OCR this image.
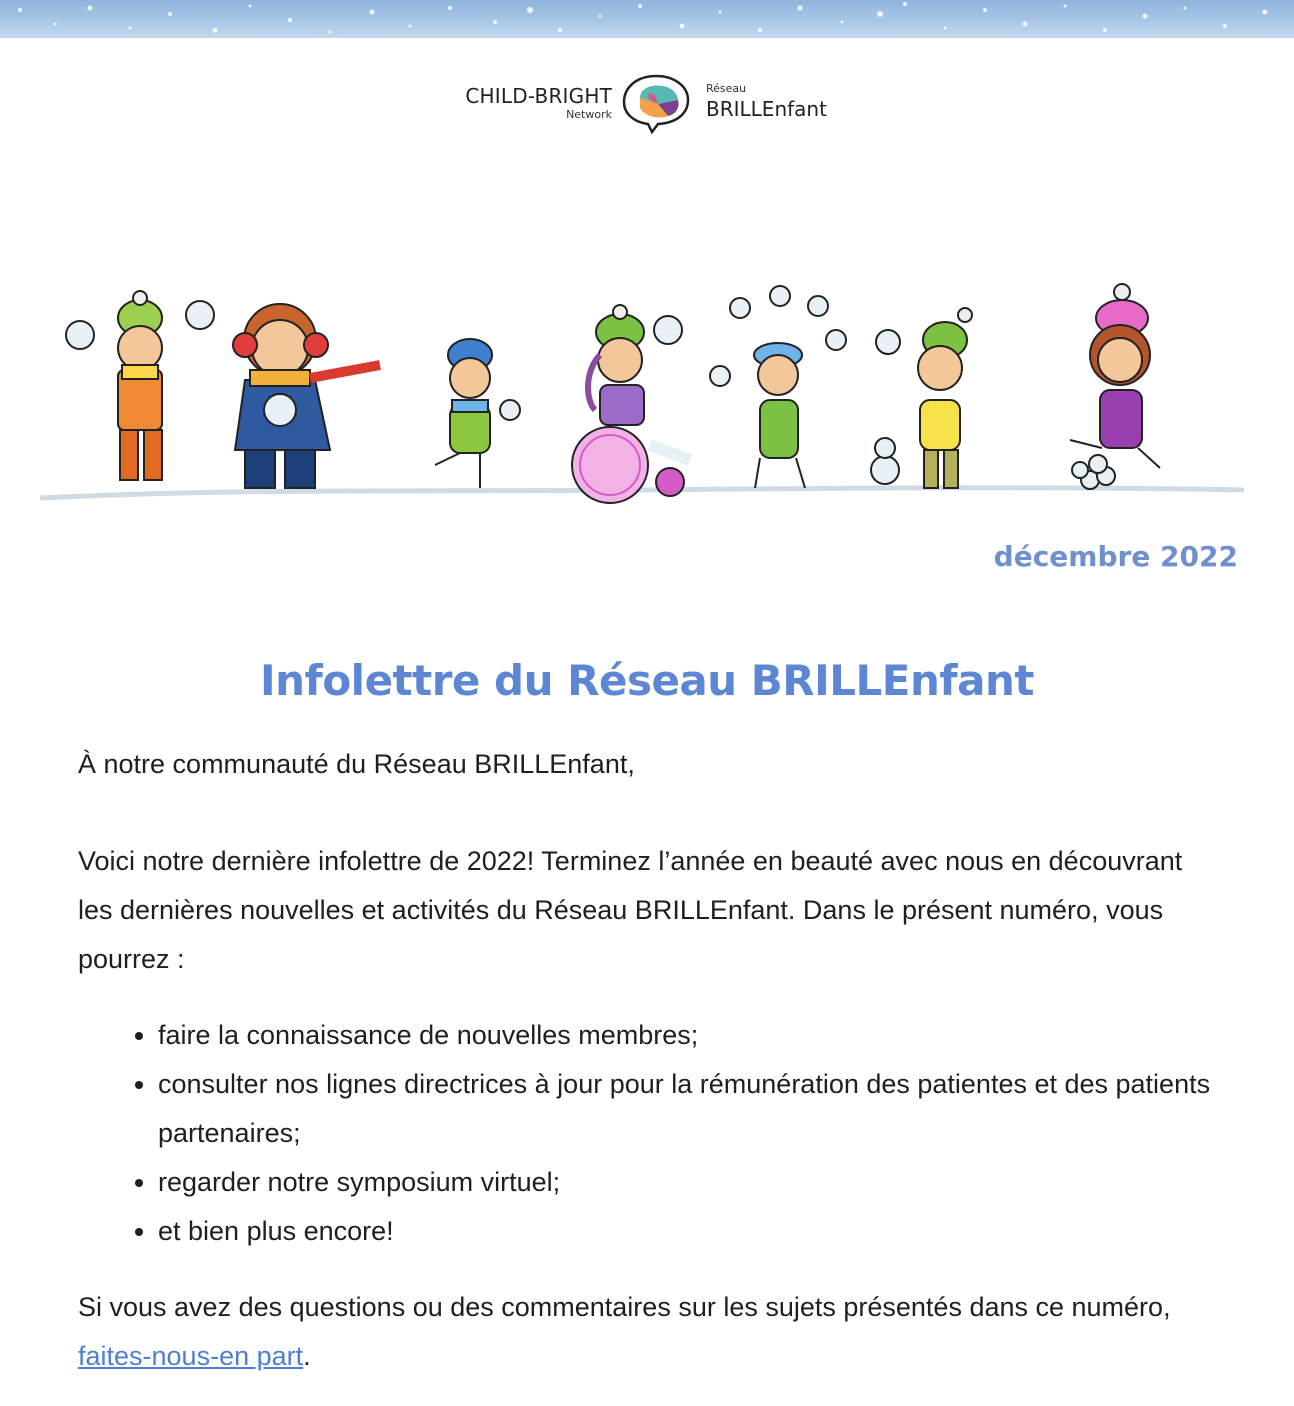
CHILD-BRIGHT
Network
Réseau
BRILLEnfant
décembre 2022
Infolettre du Réseau BRILLEnfant

À notre communauté du Réseau BRILLEnfant,

Voici notre dernière infolettre de 2022! Terminez l’année en beauté avec nous en découvrant les dernières nouvelles et activités du Réseau BRILLEnfant. Dans le présent numéro, vous pourrez :

• faire la connaissance de nouvelles membres;
• consulter nos lignes directrices à jour pour la rémunération des patientes et des patients partenaires;
• regarder notre symposium virtuel;
• et bien plus encore!

Si vous avez des questions ou des commentaires sur les sujets présentés dans ce numéro, faites-nous-en part.
